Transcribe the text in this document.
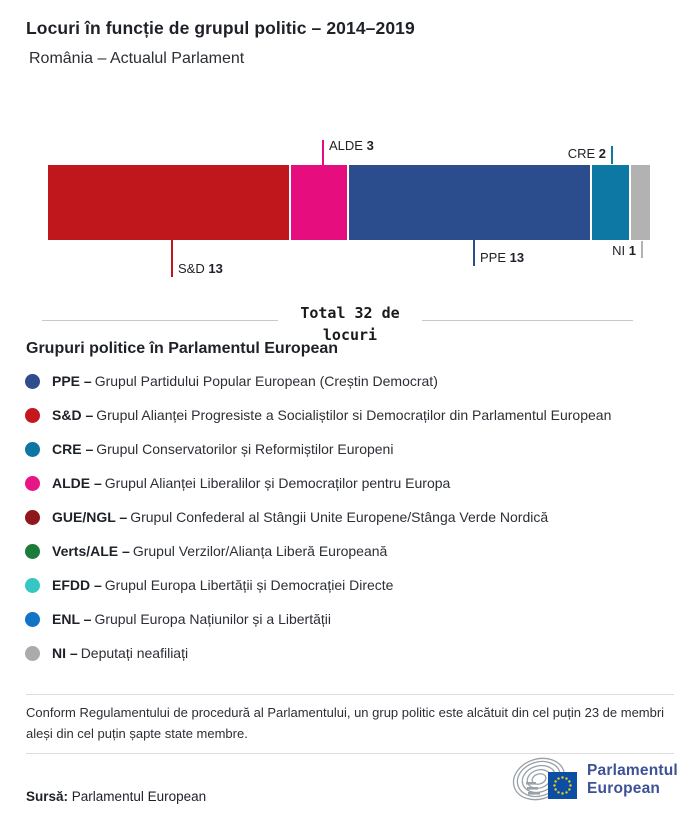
Locuri în funcție de grupul politic – 2014–2019
România – Actualul Parlament
ALDE 3
CRE 2
S&D 13
PPE 13	NI 1
Total 32 de
locuri
Grupuri politice în Parlamentul European
PPE – Grupul Partidului Popular European (Creștin Democrat)
S&D – Grupul Alianței Progresiste a Socialiștilor si Democraților din Parlamentul European
CRE – Grupul Conservatorilor și Reformiștilor Europeni
ALDE – Grupul Alianței Liberalilor și Democraților pentru Europa
GUE/NGL – Grupul Confederal al Stângii Unite Europene/Stânga Verde Nordică
Verts/ALE – Grupul Verzilor/Alianța Liberă Europeană
EFDD – Grupul Europa Libertății și Democrației Directe
ENL – Grupul Europa Națiunilor și a Libertății
NI – Deputați neafiliați
Conform Regulamentului de procedură al Parlamentului, un grup politic este alcătuit din cel puțin 23 de membri aleși din cel puțin șapte state membre.
Sursă: Parlamentul European
Parlamentul
European
